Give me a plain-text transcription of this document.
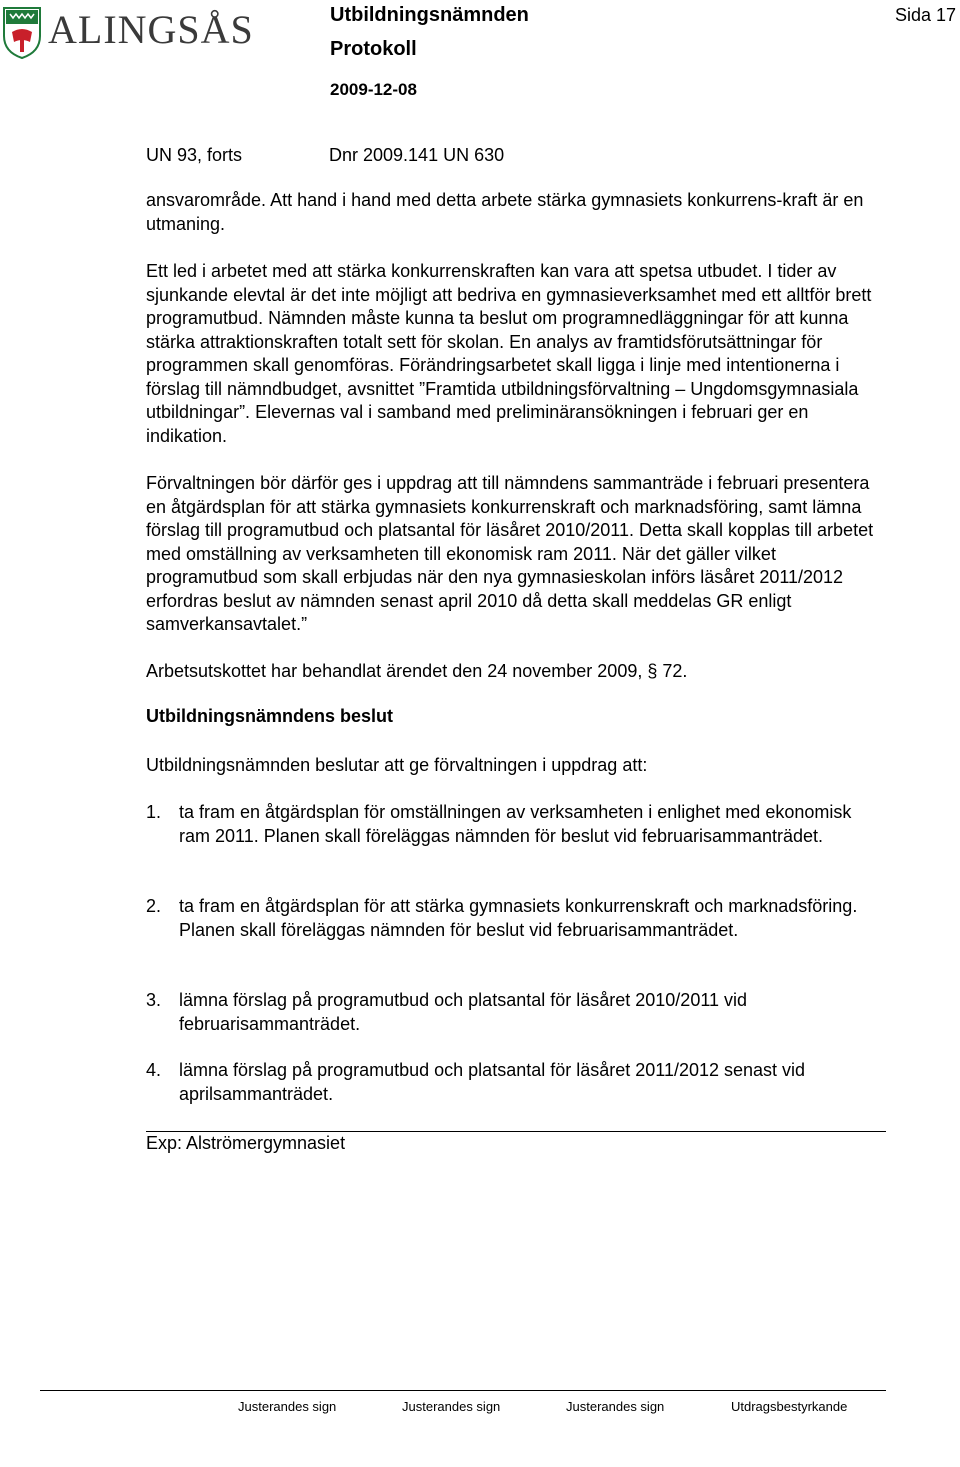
ALINGSÅS	Utbildningsnämnden
Protokoll
2009-12-08
Sida 17
UN 93, forts	Dnr 2009.141 UN 630

ansvarområde. Att hand i hand med detta arbete stärka gymnasiets konkurrens-kraft är en utmaning.

Ett led i arbetet med att stärka konkurrenskraften kan vara att spetsa utbudet. I tider av sjunkande elevtal är det inte möjligt att bedriva en gymnasieverksamhet med ett alltför brett programutbud. Nämnden måste kunna ta beslut om programnedläggningar för att kunna stärka attraktionskraften totalt sett för skolan. En analys av framtidsförutsättningar för programmen skall genomföras. Förändringsarbetet skall ligga i linje med intentionerna i förslag till nämndbudget, avsnittet ”Framtida utbildningsförvaltning – Ungdomsgymnasiala utbildningar”. Elevernas val i samband med preliminäransökningen i februari ger en indikation.

Förvaltningen bör därför ges i uppdrag att till nämndens sammanträde i februari presentera en åtgärdsplan för att stärka gymnasiets konkurrenskraft och marknadsföring, samt lämna förslag till programutbud och platsantal för läsåret 2010/2011. Detta skall kopplas till arbetet med omställning av verksamheten till ekonomisk ram 2011. När det gäller vilket programutbud som skall erbjudas när den nya gymnasieskolan införs läsåret 2011/2012 erfordras beslut av nämnden senast april 2010 då detta skall meddelas GR enligt samverkansavtalet.”

Arbetsutskottet har behandlat ärendet den 24 november 2009, § 72.

Utbildningsnämndens beslut

Utbildningsnämnden beslutar att ge förvaltningen i uppdrag att:

1. ta fram en åtgärdsplan för omställningen av verksamheten i enlighet med ekonomisk ram 2011. Planen skall föreläggas nämnden för beslut vid februarisammanträdet.
2. ta fram en åtgärdsplan för att stärka gymnasiets konkurrenskraft och marknadsföring. Planen skall föreläggas nämnden för beslut vid februarisammanträdet.
3. lämna förslag på programutbud och platsantal för läsåret 2010/2011 vid februarisammanträdet.
4. lämna förslag på programutbud och platsantal för läsåret 2011/2012 senast vid aprilsammanträdet.
Exp: Alströmergymnasiet
Justerandes sign	Justerandes sign	Justerandes sign	Utdragsbestyrkande
